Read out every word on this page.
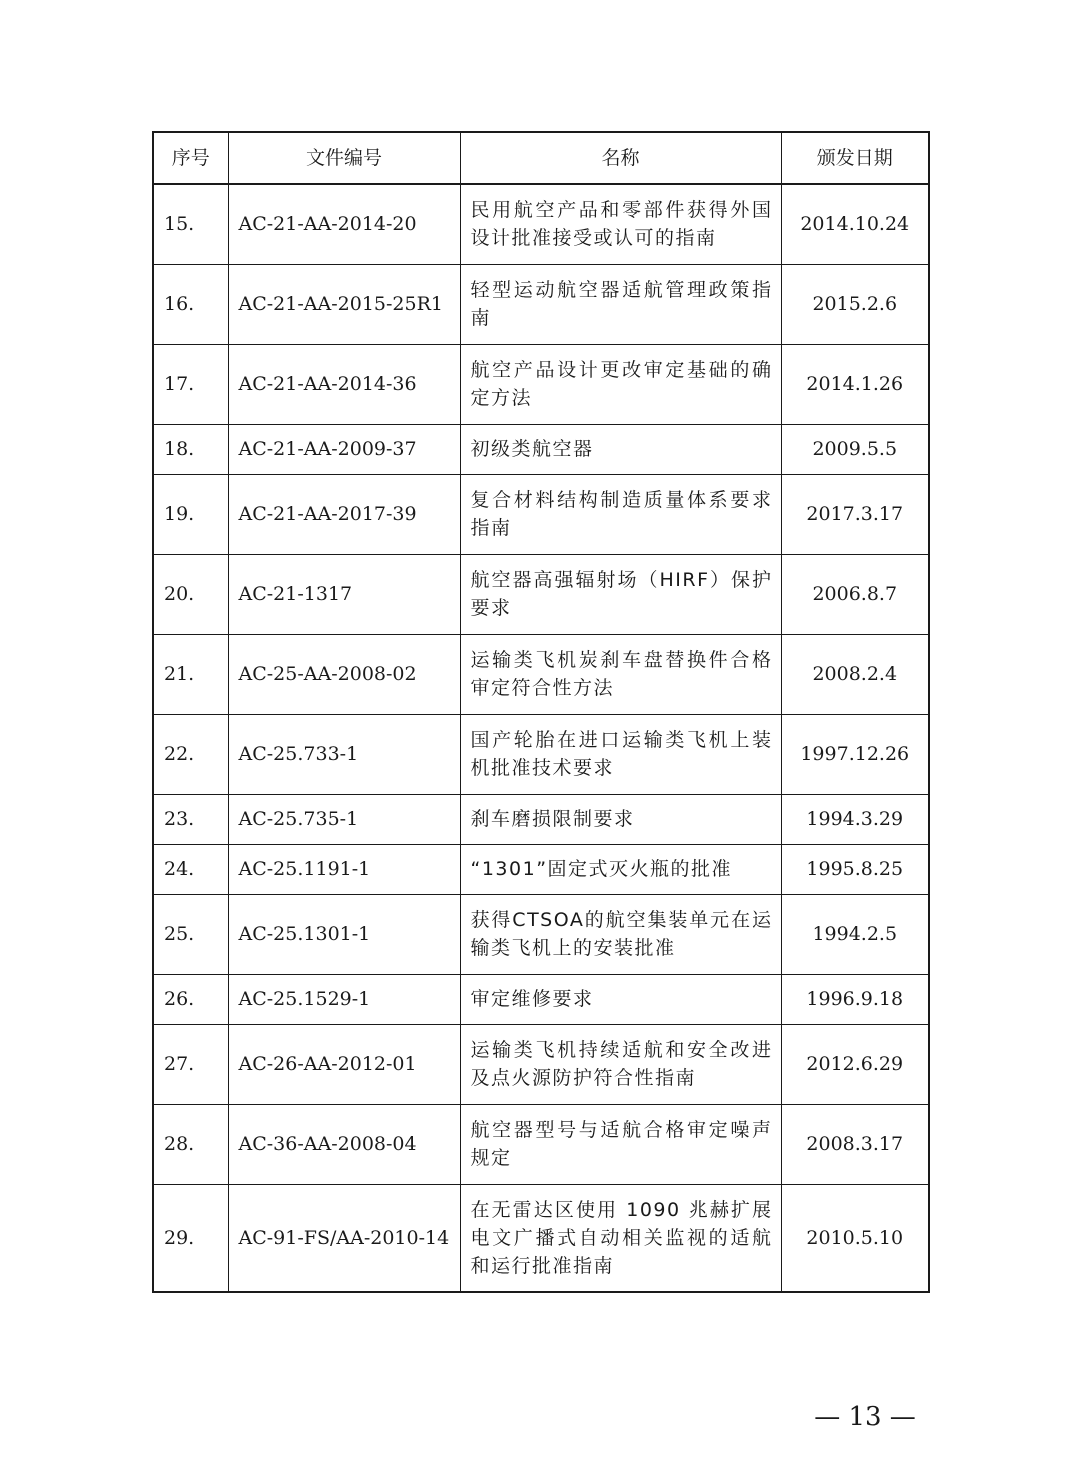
序号	文件编号	名称	颁发日期
15.	AC-21-AA-2014-20	民用航空产品和零部件获得外国设计批准接受或认可的指南	2014.10.24
16.	AC-21-AA-2015-25R1	轻型运动航空器适航管理政策指南	2015.2.6
17.	AC-21-AA-2014-36	航空产品设计更改审定基础的确定方法	2014.1.26
18.	AC-21-AA-2009-37	初级类航空器	2009.5.5
19.	AC-21-AA-2017-39	复合材料结构制造质量体系要求指南	2017.3.17
20.	AC-21-1317	航空器高强辐射场（HIRF）保护要求	2006.8.7
21.	AC-25-AA-2008-02	运输类飞机炭刹车盘替换件合格审定符合性方法	2008.2.4
22.	AC-25.733-1	国产轮胎在进口运输类飞机上装机批准技术要求	1997.12.26
23.	AC-25.735-1	刹车磨损限制要求	1994.3.29
24.	AC-25.1191-1	“1301”固定式灭火瓶的批准	1995.8.25
25.	AC-25.1301-1	获得CTSOA的航空集装单元在运输类飞机上的安装批准	1994.2.5
26.	AC-25.1529-1	审定维修要求	1996.9.18
27.	AC-26-AA-2012-01	运输类飞机持续适航和安全改进及点火源防护符合性指南	2012.6.29
28.	AC-36-AA-2008-04	航空器型号与适航合格审定噪声规定	2008.3.17
29.	AC-91-FS/AA-2010-14	在无雷达区使用 1090 兆赫扩展电文广播式自动相关监视的适航和运行批准指南	2010.5.10
— 13 —
